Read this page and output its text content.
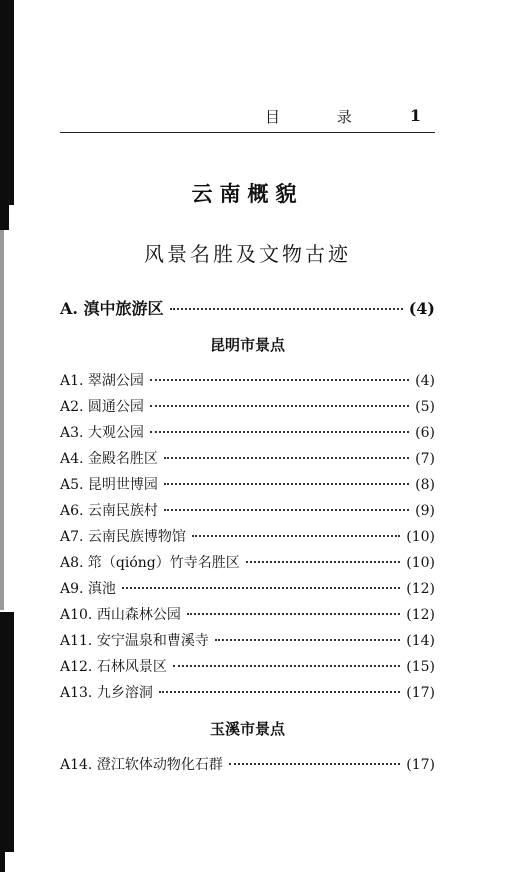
目 录 1
云南概貌
风景名胜及文物古迹
A. 滇中旅游区	(4)
昆明市景点
A1. 翠湖公园	(4)
A2. 圆通公园	(5)
A3. 大观公园	(6)
A4. 金殿名胜区	(7)
A5. 昆明世博园	(8)
A6. 云南民族村	(9)
A7. 云南民族博物馆	(10)
A8. 筇（qióng）竹寺名胜区	(10)
A9. 滇池	(12)
A10. 西山森林公园	(12)
A11. 安宁温泉和曹溪寺	(14)
A12. 石林风景区	(15)
A13. 九乡溶洞	(17)
玉溪市景点
A14. 澄江软体动物化石群	(17)
